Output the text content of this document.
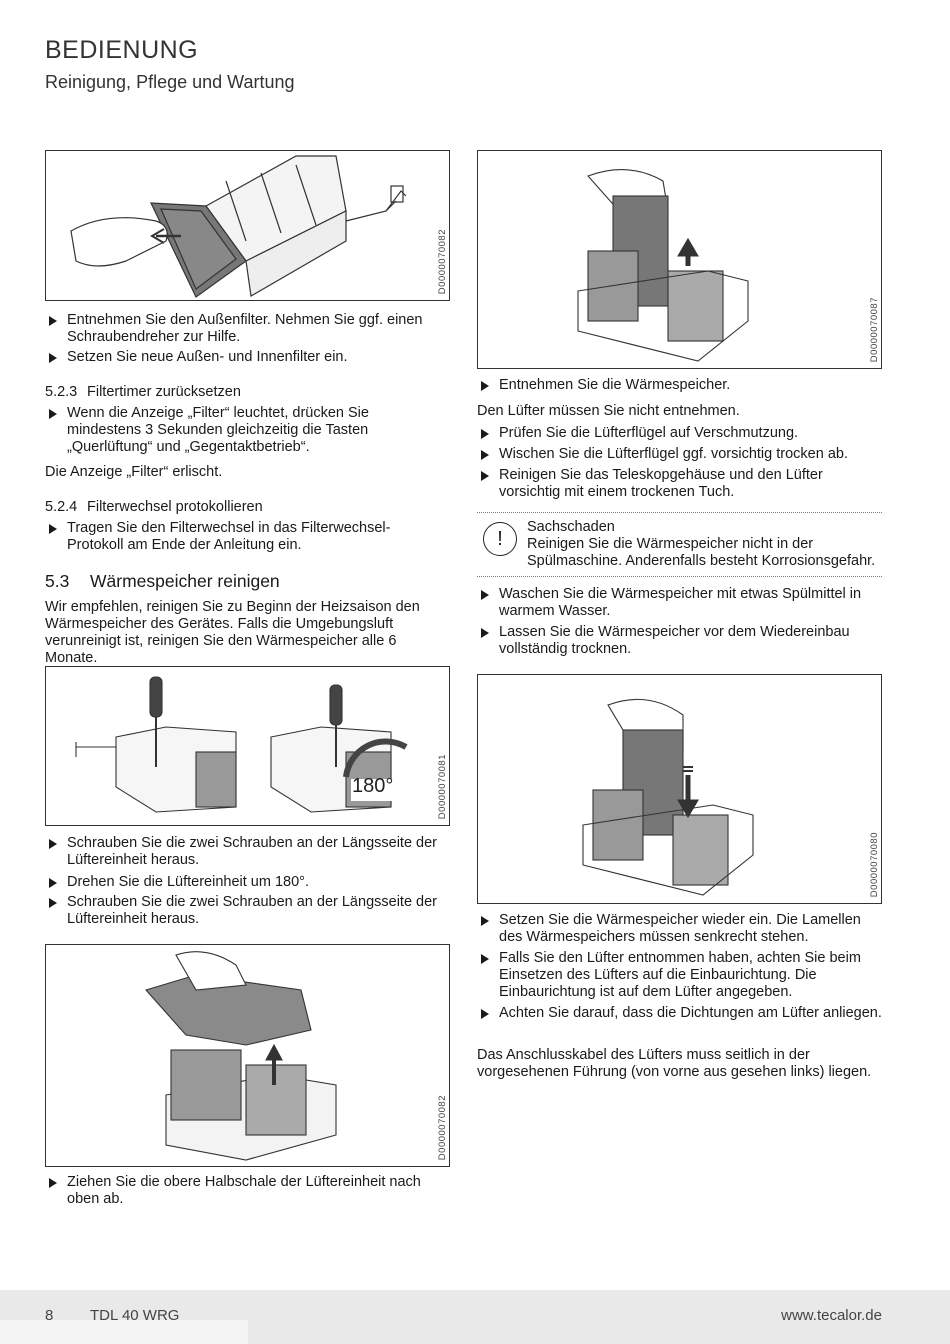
BEDIENUNG
Reinigung, Pflege und Wartung
D0000070082
Entnehmen Sie den Außenfilter. Nehmen Sie ggf. einen Schraubendreher zur Hilfe.
Setzen Sie neue Außen- und Innenfilter ein.
5.2.3 Filtertimer zurücksetzen
Wenn die Anzeige „Filter“ leuchtet, drücken Sie mindestens 3 Sekunden gleichzeitig die Tasten „Querlüftung“ und „Gegentaktbetrieb“.
Die Anzeige „Filter“ erlischt.
5.2.4 Filterwechsel protokollieren
Tragen Sie den Filterwechsel in das Filterwechsel-Protokoll am Ende der Anleitung ein.
5.3 Wärmespeicher reinigen
Wir empfehlen, reinigen Sie zu Beginn der Heizsaison den Wärmespeicher des Gerätes. Falls die Umgebungsluft verunreinigt ist, reinigen Sie den Wärmespeicher alle 6 Monate.
180°	D0000070081
Schrauben Sie die zwei Schrauben an der Längsseite der Lüftereinheit heraus.
Drehen Sie die Lüftereinheit um 180°.
Schrauben Sie die zwei Schrauben an der Längsseite der Lüftereinheit heraus.
D0000070082
Ziehen Sie die obere Halbschale der Lüftereinheit nach oben ab.
D0000070087
Entnehmen Sie die Wärmespeicher.
Den Lüfter müssen Sie nicht entnehmen.
Prüfen Sie die Lüfterflügel auf Verschmutzung.
Wischen Sie die Lüfterflügel ggf. vorsichtig trocken ab.
Reinigen Sie das Teleskopgehäuse und den Lüfter vorsichtig mit einem trockenen Tuch.
!
Sachschaden
Reinigen Sie die Wärmespeicher nicht in der Spülmaschine. Anderenfalls besteht Korrosionsgefahr.
Waschen Sie die Wärmespeicher mit etwas Spülmittel in warmem Wasser.
Lassen Sie die Wärmespeicher vor dem Wiedereinbau vollständig trocknen.
D0000070080
Setzen Sie die Wärmespeicher wieder ein. Die Lamellen des Wärmespeichers müssen senkrecht stehen.
Falls Sie den Lüfter entnommen haben, achten Sie beim Einsetzen des Lüfters auf die Einbaurichtung. Die Einbaurichtung ist auf dem Lüfter angegeben.
Achten Sie darauf, dass die Dichtungen am Lüfter anliegen.
Das Anschlusskabel des Lüfters muss seitlich in der vorgesehenen Führung (von vorne aus gesehen links) liegen.
8 TDL 40 WRG	www.tecalor.de
